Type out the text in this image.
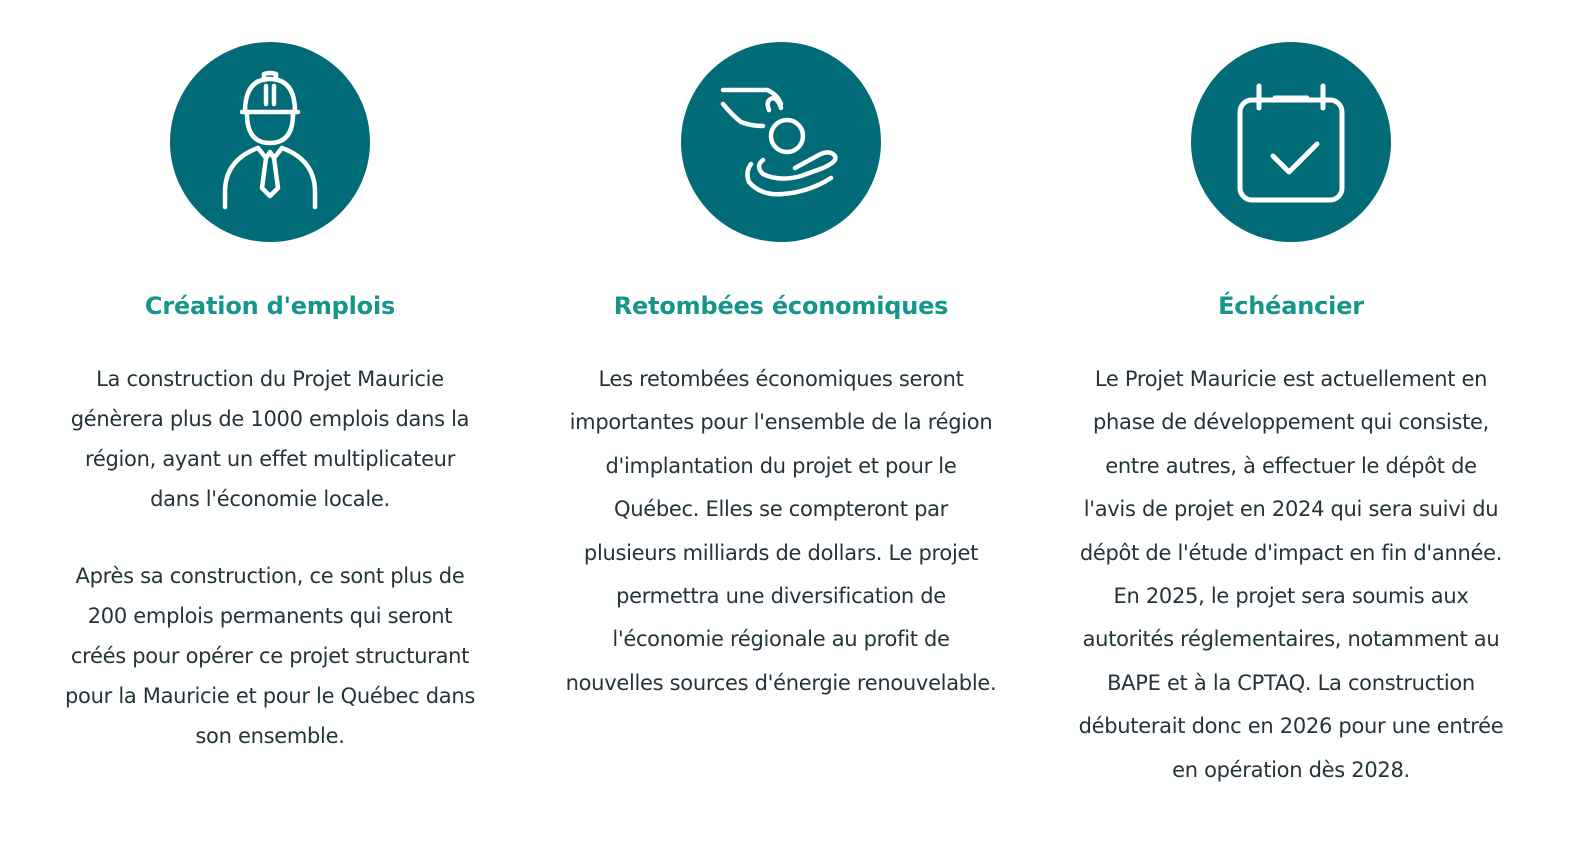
Création d'emplois

La construction du Projet Mauricie
génèrera plus de 1000 emplois dans la
région, ayant un effet multiplicateur
dans l'économie locale.

Après sa construction, ce sont plus de
200 emplois permanents qui seront
créés pour opérer ce projet structurant
pour la Mauricie et pour le Québec dans
son ensemble.

Retombées économiques

Les retombées économiques seront
importantes pour l'ensemble de la région
d'implantation du projet et pour le
Québec. Elles se compteront par
plusieurs milliards de dollars. Le projet
permettra une diversification de
l'économie régionale au profit de
nouvelles sources d'énergie renouvelable.

Échéancier

Le Projet Mauricie est actuellement en
phase de développement qui consiste,
entre autres, à effectuer le dépôt de
l'avis de projet en 2024 qui sera suivi du
dépôt de l'étude d'impact en fin d'année.
En 2025, le projet sera soumis aux
autorités réglementaires, notamment au
BAPE et à la CPTAQ. La construction
débuterait donc en 2026 pour une entrée
en opération dès 2028.
